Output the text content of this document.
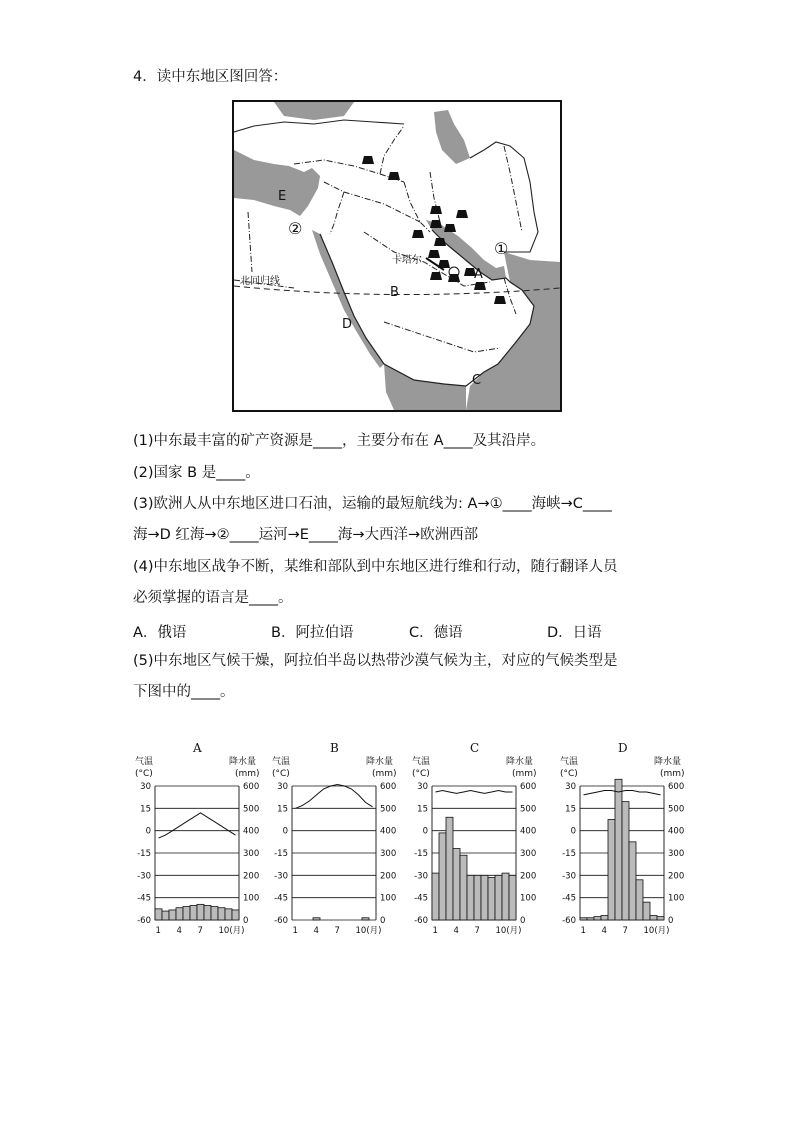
4．读中东地区图回答：
E
②
①
A
B
C
D
卡塔尔
北回归线
(1)中东最丰富的矿产资源是____，主要分布在 A____及其沿岸。
(2)国家 B 是____。
(3)欧洲人从中东地区进口石油，运输的最短航线为: A→①____海峡→C____
海→D 红海→②____运河→E____海→大西洋→欧洲西部
(4)中东地区战争不断，某维和部队到中东地区进行维和行动，随行翻译人员
必须掌握的语言是____。
A．俄语	B．阿拉伯语	C．德语	D．日语
(5)中东地区气候干燥，阿拉伯半岛以热带沙漠气候为主，对应的气候类型是
下图中的____。
A
气温
(°C)
降水量
(mm)
30	600
15	500
0	400
-15	300
-30	200
-45	100
-60	0
1 4 7 10(月)
B
气温
(°C)
降水量
(mm)
30	600
15	500
0	400
-15	300
-30	200
-45	100
-60	0
1 4 7 10(月)
C
气温
(°C)
降水量
(mm)
30	600
15	500
0	400
-15	300
-30	200
-45	100
-60	0
1 4 7 10(月)
D
气温
(°C)
降水量
(mm)
30	600
15	500
0	400
-15	300
-30	200
-45	100
-60	0
1 4 7 10(月)
